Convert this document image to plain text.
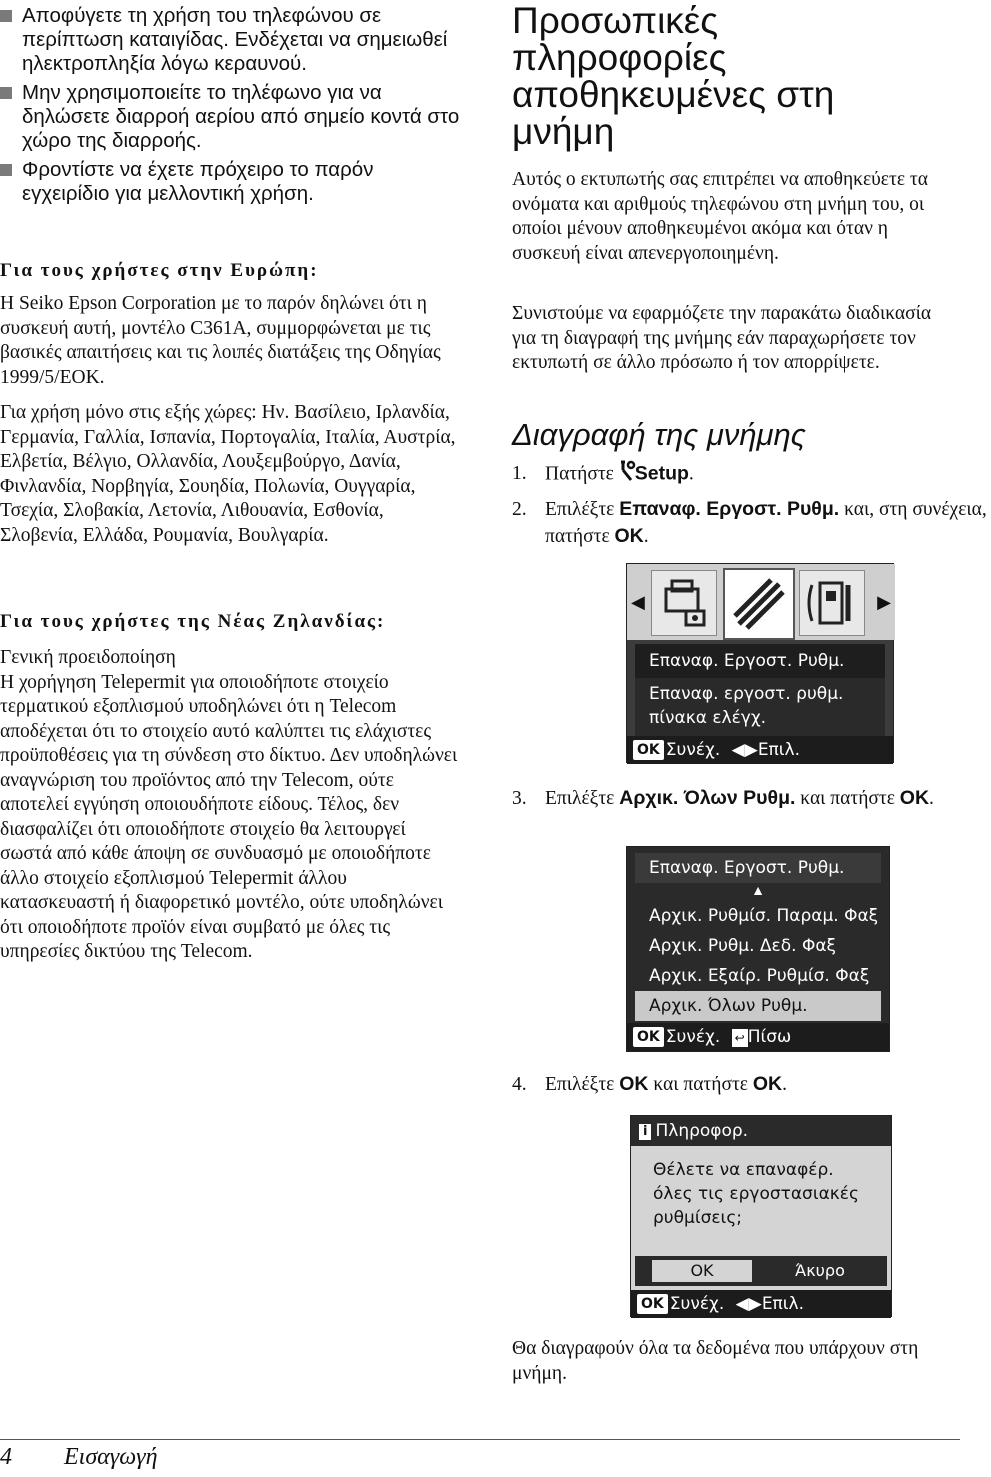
Αποφύγετε τη χρήση του τηλεφώνου σε περίπτωση καταιγίδας. Ενδέχεται να σημειωθεί ηλεκτροπληξία λόγω κεραυνού.

Μην χρησιμοποιείτε το τηλέφωνο για να δηλώσετε διαρροή αερίου από σημείο κοντά στο χώρο της διαρροής.

Φροντίστε να έχετε πρόχειρο το παρόν εγχειρίδιο για μελλοντική χρήση.

Για τους χρήστες στην Ευρώπη:

Η Seiko Epson Corporation με το παρόν δηλώνει ότι η συσκευή αυτή, μοντέλο C361A, συμμορφώνεται με τις βασικές απαιτήσεις και τις λοιπές διατάξεις της Οδηγίας 1999/5/ΕΟΚ.

Για χρήση μόνο στις εξής χώρες: Ην. Βασίλειο, Ιρλανδία, Γερμανία, Γαλλία, Ισπανία, Πορτογαλία, Ιταλία, Αυστρία, Ελβετία, Βέλγιο, Ολλανδία, Λουξεμβούργο, Δανία, Φινλανδία, Νορβηγία, Σουηδία, Πολωνία, Ουγγαρία, Τσεχία, Σλοβακία, Λετονία, Λιθουανία, Εσθονία, Σλοβενία, Ελλάδα, Ρουμανία, Βουλγαρία.

Για τους χρήστες της Νέας Ζηλανδίας:

Γενική προειδοποίηση

Η χορήγηση Telepermit για οποιοδήποτε στοιχείο τερματικού εξοπλισμού υποδηλώνει ότι η Telecom αποδέχεται ότι το στοιχείο αυτό καλύπτει τις ελάχιστες προϋποθέσεις για τη σύνδεση στο δίκτυο. Δεν υποδηλώνει αναγνώριση του προϊόντος από την Telecom, ούτε αποτελεί εγγύηση οποιουδήποτε είδους. Τέλος, δεν διασφαλίζει ότι οποιοδήποτε στοιχείο θα λειτουργεί σωστά από κάθε άποψη σε συνδυασμό με οποιοδήποτε άλλο στοιχείο εξοπλισμού Telepermit άλλου κατασκευαστή ή διαφορετικό μοντέλο, ούτε υποδηλώνει ότι οποιοδήποτε προϊόν είναι συμβατό με όλες τις υπηρεσίες δικτύου της Telecom.

Προσωπικές πληροφορίες αποθηκευμένες στη μνήμη

Αυτός ο εκτυπωτής σας επιτρέπει να αποθηκεύετε τα ονόματα και αριθμούς τηλεφώνου στη μνήμη του, οι οποίοι μένουν αποθηκευμένοι ακόμα και όταν η συσκευή είναι απενεργοποιημένη.

Συνιστούμε να εφαρμόζετε την παρακάτω διαδικασία για τη διαγραφή της μνήμης εάν παραχωρήσετε τον εκτυπωτή σε άλλο πρόσωπο ή τον απορρίψετε.

Διαγραφή της μνήμης
1. Πατήστε Setup.
2. Επιλέξτε Επαναφ. Εργοστ. Ρυθμ. και, στη συνέχεια, πατήστε OK.
◀	▶
Επαναφ. Εργοστ. Ρυθμ.
Επαναφ. εργοστ. ρυθμ.
πίνακα ελέγχ.
OK Συνέχ. ◀▶Επιλ.
3. Επιλέξτε Αρχικ. Όλων Ρυθμ. και πατήστε OK.
Επαναφ. Εργοστ. Ρυθμ.
▲
Αρχικ. Ρυθμίσ. Παραμ. Φαξ
Αρχικ. Ρυθμ. Δεδ. Φαξ
Αρχικ. Εξαίρ. Ρυθμίσ. Φαξ
Αρχικ. Όλων Ρυθμ.
OK Συνέχ. ↩ Πίσω
4. Επιλέξτε OK και πατήστε OK.
i Πληροφορ.
Θέλετε να επαναφέρ.
όλες τις εργοστασιακές
ρυθμίσεις;
OK	Άκυρο
OK Συνέχ. ◀▶Επιλ.

Θα διαγραφούν όλα τα δεδομένα που υπάρχουν στη μνήμη.

4 Εισαγωγή
